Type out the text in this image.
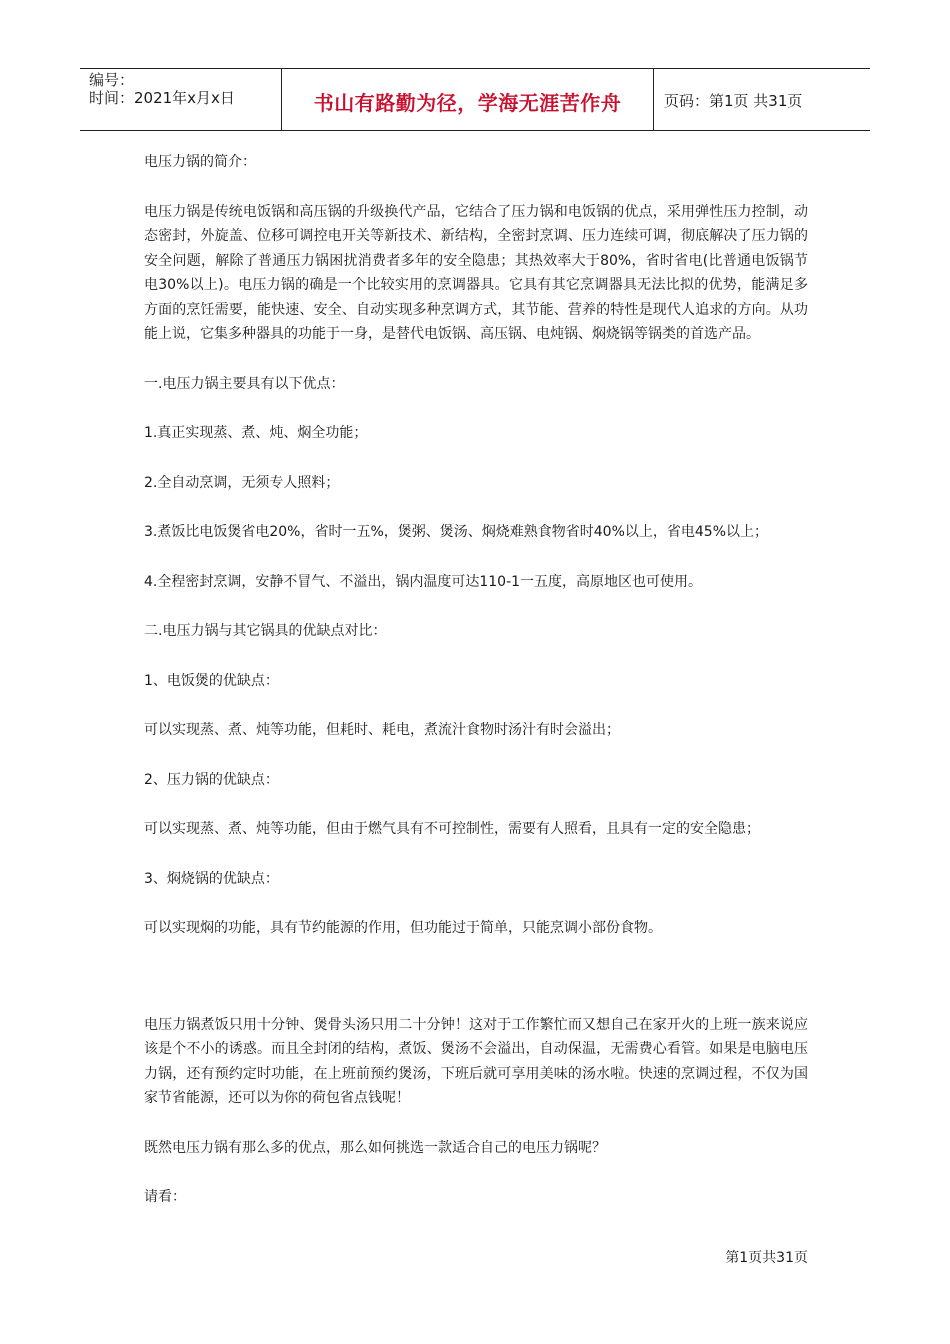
编号：
时间：2021年x月x日	书山有路勤为径，学海无涯苦作舟	页码：第1页 共31页

电压力锅的简介：

电压力锅是传统电饭锅和高压锅的升级换代产品，它结合了压力锅和电饭锅的优点，采用弹性压力控制，动态密封，外旋盖、位移可调控电开关等新技术、新结构，全密封烹调、压力连续可调，彻底解决了压力锅的安全问题，解除了普通压力锅困扰消费者多年的安全隐患；其热效率大于80%，省时省电(比普通电饭锅节电30%以上)。电压力锅的确是一个比较实用的烹调器具。它具有其它烹调器具无法比拟的优势，能满足多方面的烹饪需要，能快速、安全、自动实现多种烹调方式，其节能、营养的特性是现代人追求的方向。从功能上说，它集多种器具的功能于一身，是替代电饭锅、高压锅、电炖锅、焖烧锅等锅类的首选产品。

一.电压力锅主要具有以下优点：

1.真正实现蒸、煮、炖、焖全功能；

2.全自动烹调，无须专人照料；

3.煮饭比电饭煲省电20%，省时一五%，煲粥、煲汤、焖烧难熟食物省时40%以上，省电45%以上；

4.全程密封烹调，安静不冒气、不溢出，锅内温度可达110-1一五度，高原地区也可使用。

二.电压力锅与其它锅具的优缺点对比：

1、电饭煲的优缺点：

可以实现蒸、煮、炖等功能，但耗时、耗电，煮流汁食物时汤汁有时会溢出；

2、压力锅的优缺点：

可以实现蒸、煮、炖等功能，但由于燃气具有不可控制性，需要有人照看，且具有一定的安全隐患；

3、焖烧锅的优缺点：

可以实现焖的功能，具有节约能源的作用，但功能过于简单，只能烹调小部份食物。

电压力锅煮饭只用十分钟、煲骨头汤只用二十分钟！这对于工作繁忙而又想自己在家开火的上班一族来说应该是个不小的诱惑。而且全封闭的结构，煮饭、煲汤不会溢出，自动保温，无需费心看管。如果是电脑电压力锅，还有预约定时功能，在上班前预约煲汤，下班后就可享用美味的汤水啦。快速的烹调过程，不仅为国家节省能源，还可以为你的荷包省点钱呢！

既然电压力锅有那么多的优点，那么如何挑选一款适合自己的电压力锅呢？

请看：

第1页共31页
